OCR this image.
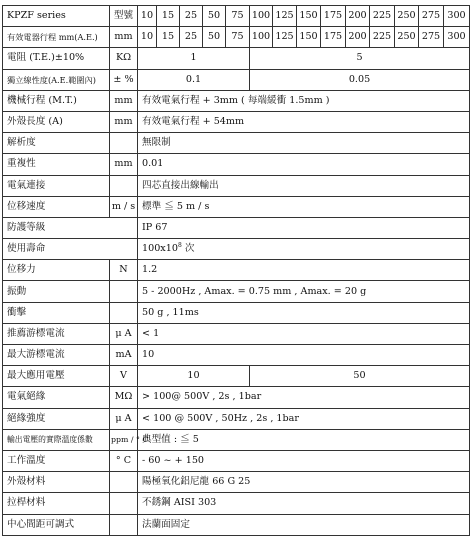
KPZF series	型號	10	15	25	50	75	100	125	150	175	200	225	250	275	300
有效電器行程 mm(A.E.)	mm	10	15	25	50	75	100	125	150	175	200	225	250	275	300
電阻 (T.E.)±10%	KΩ	1					5								
獨立線性度(A.E.範圍內)	± %	0.1					0.05								
機械行程 (M.T.)	mm	有效電氣行程 + 3mm ( 每端緩衝 1.5mm )													
外殼長度 (A)	mm	有效電氣行程 + 54mm													
解析度		無限制													
重複性	mm	0.01													
電氣連接		四芯直接出線輸出													
位移速度	m / s	標準 ≦ 5 m / s													
防護等級		IP 67													
使用壽命		$100x10^8$ 次													
位移力	N	1.2													
振動		5 - 2000Hz , Amax. = 0.75 mm , Amax. = 20 g													
衝擊		50 g , 11ms													
推薦游標電流	μ A	< 1													
最大游標電流	mA	10													
最大應用電壓	V	10					50								
電氣絕緣	MΩ	> 100@ 500V , 2s , 1bar													
絕緣強度	μ A	< 100 @ 500V , 50Hz , 2s , 1bar													
輸出電壓的實際溫度係數	ppm / ° C	典型值 : ≦ 5													
工作溫度	° C	- 60 ~ + 150													
外殼材料		陽極氧化鋁尼龍 66 G 25													
拉桿材料		不銹鋼 AISI 303													
中心間距可調式		法蘭面固定													
